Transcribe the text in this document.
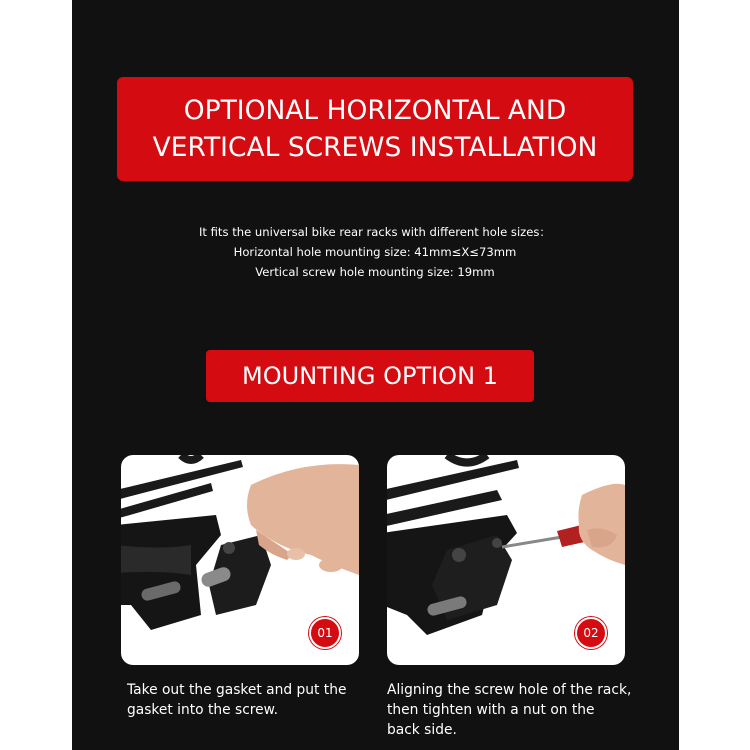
OPTIONAL HORIZONTAL AND
VERTICAL SCREWS INSTALLATION
It fits the universal bike rear racks with different hole sizes：
Horizontal hole mounting size: 41mm≤X≤73mm
Vertical screw hole mounting size: 19mm
MOUNTING OPTION 1
01	02
Take out the gasket and put the
gasket into the screw.
Aligning the screw hole of the rack,
then tighten with a nut on the
back side.
